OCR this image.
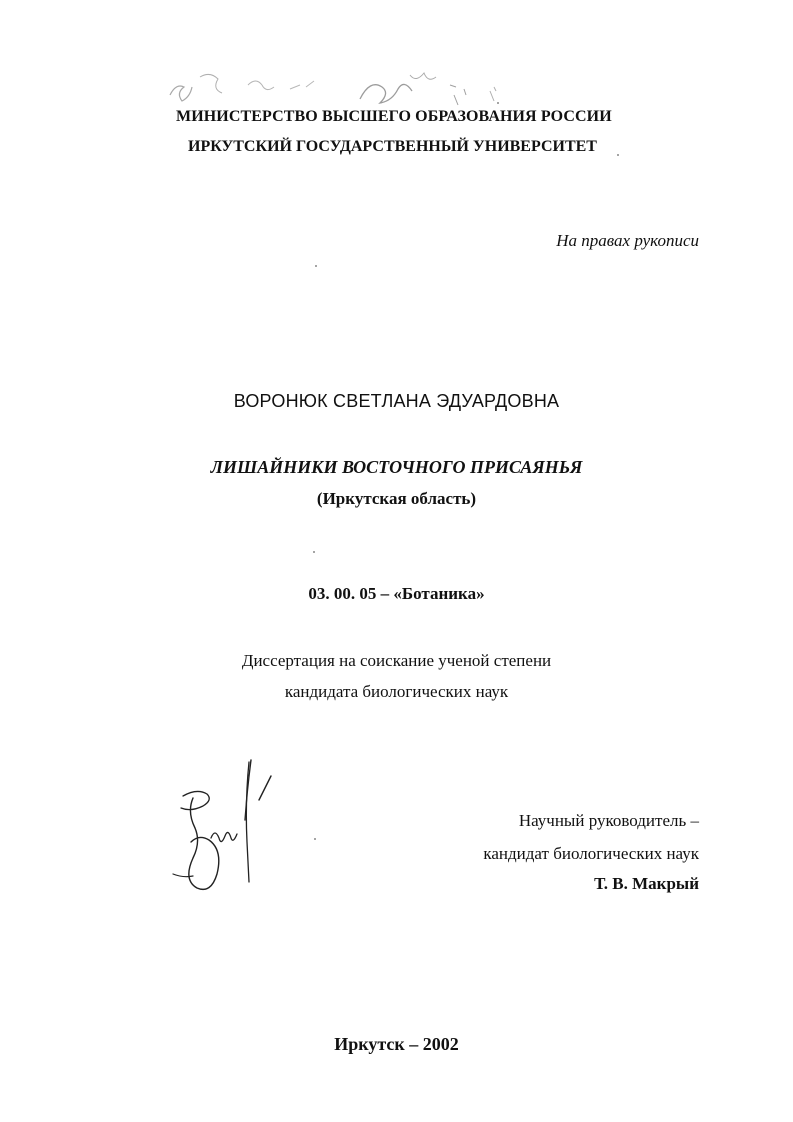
МИНИСТЕРСТВО ВЫСШЕГО ОБРАЗОВАНИЯ РОССИИ
ИРКУТСКИЙ ГОСУДАРСТВЕННЫЙ УНИВЕРСИТЕТ
На правах рукописи
ВОРОНЮК СВЕТЛАНА ЭДУАРДОВНА
ЛИШАЙНИКИ ВОСТОЧНОГО ПРИСАЯНЬЯ
(Иркутская область)
03. 00. 05 – «Ботаника»
Диссертация на соискание ученой степени
кандидата биологических наук
Научный руководитель –
кандидат биологических наук
Т. В. Макрый
Иркутск – 2002
